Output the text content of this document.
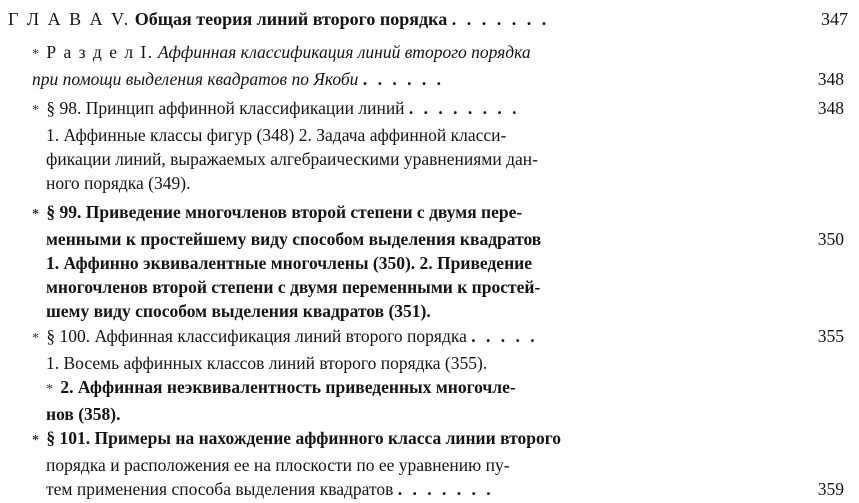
Г Л А В А V. Общая теория линий второго порядка . . . . . . .	347
* Р а з д е л I. Аффинная классификация линий второго порядка
при помощи выделения квадратов по Якоби . . . . . .	348
* § 98. Принцип аффинной классификации линий . . . . . . . .	348
1. Аффинные классы фигур (348) 2. Задача аффинной класси-
фикации линий, выражаемых алгебраическими уравнениями дан-
ного порядка (349).
* § 99. Приведение многочленов второй степени с двумя пере-
менными к простейшему виду способом выделения квадратов	350
1. Аффинно эквивалентные многочлены (350). 2. Приведение
многочленов второй степени с двумя переменными к простей-
шему виду способом выделения квадратов (351).
* § 100. Аффинная классификация линий второго порядка . . . . .	355
1. Восемь аффинных классов линий второго порядка (355).
* 2. Аффинная неэквивалентность приведенных многочле-
нов (358).
* § 101. Примеры на нахождение аффинного класса линии второго
порядка и расположения ее на плоскости по ее уравнению пу-
тем применения способа выделения квадратов . . . . . . .	359
